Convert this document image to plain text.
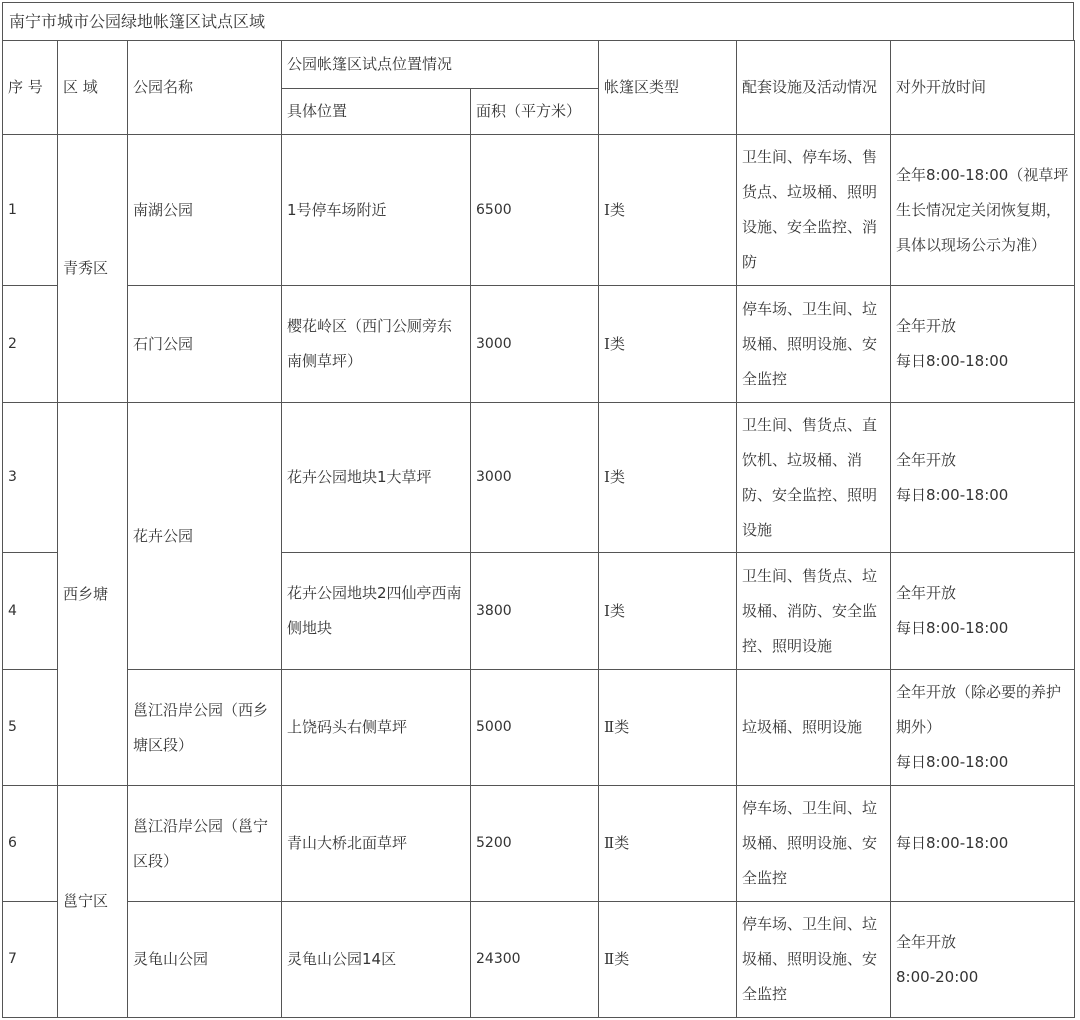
南宁市城市公园绿地帐篷区试点区域
序 号	区 域	公园名称	公园帐篷区试点位置情况		帐篷区类型	配套设施及活动情况	对外开放时间
			具体位置	面积（平方米）			
1	青秀区	南湖公园	1号停车场附近	6500	Ⅰ类	卫生间、停车场、售货点、垃圾桶、照明设施、安全监控、消防	全年8:00-18:00（视草坪生长情况定关闭恢复期，具体以现场公示为准）
2		石门公园	樱花岭区（西门公厕旁东南侧草坪）	3000	Ⅰ类	停车场、卫生间、垃圾桶、照明设施、安全监控	全年开放
每日8:00-18:00

3	西乡塘	花卉公园	花卉公园地块1大草坪	3000	Ⅰ类	卫生间、售货点、直饮机、垃圾桶、消防、安全监控、照明设施	全年开放
每日8:00-18:00

4			花卉公园地块2四仙亭西南侧地块	3800	Ⅰ类	卫生间、售货点、垃圾桶、消防、安全监控、照明设施	全年开放
每日8:00-18:00

5		邕江沿岸公园（西乡塘区段）	上饶码头右侧草坪	5000	Ⅱ类	垃圾桶、照明设施	全年开放（除必要的养护期外）
每日8:00-18:00

6	邕宁区	邕江沿岸公园（邕宁区段）	青山大桥北面草坪	5200	Ⅱ类	停车场、卫生间、垃圾桶、照明设施、安全监控	每日8:00-18:00
7		灵龟山公园	灵龟山公园14区	24300	Ⅱ类	停车场、卫生间、垃圾桶、照明设施、安全监控	全年开放
8:00-20:00
